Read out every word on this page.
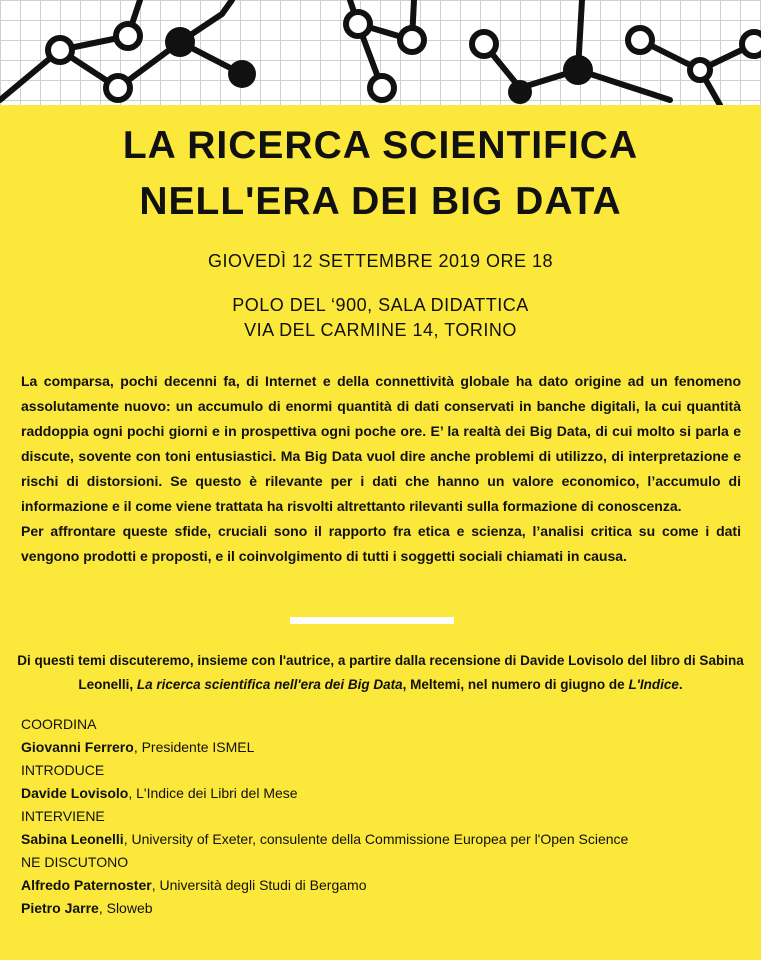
LA RICERCA SCIENTIFICA
NELL'ERA DEI BIG DATA
GIOVEDÌ 12 SETTEMBRE 2019 ORE 18
POLO DEL ‘900, SALA DIDATTICA
VIA DEL CARMINE 14, TORINO

La comparsa, pochi decenni fa, di Internet e della connettività globale ha dato origine ad un fenomeno assolutamente nuovo: un accumulo di enormi quantità di dati conservati in banche digitali, la cui quantità raddoppia ogni pochi giorni e in prospettiva ogni poche ore. E’ la realtà dei Big Data, di cui molto si parla e discute, sovente con toni entusiastici. Ma Big Data vuol dire anche problemi di utilizzo, di interpretazione e rischi di distorsioni. Se questo è rilevante per i dati che hanno un valore economico, l’accumulo di informazione e il come viene trattata ha risvolti altrettanto rilevanti sulla formazione di conoscenza.

Per affrontare queste sfide, cruciali sono il rapporto fra etica e scienza, l’analisi critica su come i dati vengono prodotti e proposti, e il coinvolgimento di tutti i soggetti sociali chiamati in causa.

Di questi temi discuteremo, insieme con l'autrice, a partire dalla recensione di Davide Lovisolo del libro di Sabina Leonelli, La ricerca scientifica nell'era dei Big Data, Meltemi, nel numero di giugno de L'Indice.
COORDINA
Giovanni Ferrero, Presidente ISMEL
INTRODUCE
Davide Lovisolo, L'Indice dei Libri del Mese
INTERVIENE
Sabina Leonelli, University of Exeter, consulente della Commissione Europea per l'Open Science
NE DISCUTONO
Alfredo Paternoster, Università degli Studi di Bergamo
Pietro Jarre, Sloweb
